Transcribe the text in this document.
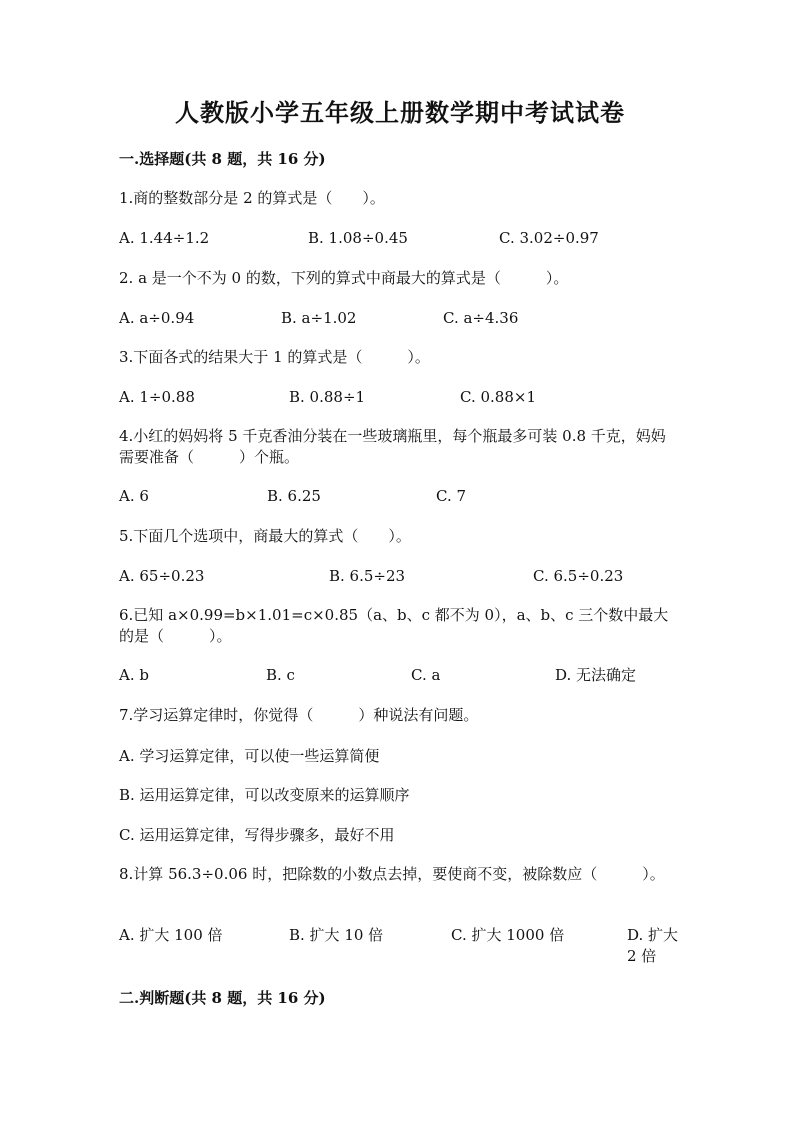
人教版小学五年级上册数学期中考试试卷
一.选择题(共 8 题，共 16 分)
1.商的整数部分是 2 的算式是（　　）。
A. 1.44÷1.2	B. 1.08÷0.45	C. 3.02÷0.97
2. a 是一个不为 0 的数，下列的算式中商最大的算式是（　　　）。
A. a÷0.94	B. a÷1.02	C. a÷4.36
3.下面各式的结果大于 1 的算式是（　　　）。
A. 1÷0.88	B. 0.88÷1	C. 0.88×1
4.小红的妈妈将 5 千克香油分装在一些玻璃瓶里，每个瓶最多可装 0.8 千克，妈妈需要准备（　　　）个瓶。
A. 6	B. 6.25	C. 7
5.下面几个选项中，商最大的算式（　　）。
A. 65÷0.23	B. 6.5÷23	C. 6.5÷0.23
6.已知 a×0.99=b×1.01=c×0.85（a、b、c 都不为 0），a、b、c 三个数中最大的是（　　　）。
A. b	B. c	C. a	D. 无法确定
7.学习运算定律时，你觉得（　　　）种说法有问题。
A. 学习运算定律，可以使一些运算简便
B. 运用运算定律，可以改变原来的运算顺序
C. 运用运算定律，写得步骤多，最好不用
8.计算 56.3÷0.06 时，把除数的小数点去掉，要使商不变，被除数应（　　　）。
A. 扩大 100 倍	B. 扩大 10 倍	C. 扩大 1000 倍	D. 扩大 2 倍
二.判断题(共 8 题，共 16 分)
